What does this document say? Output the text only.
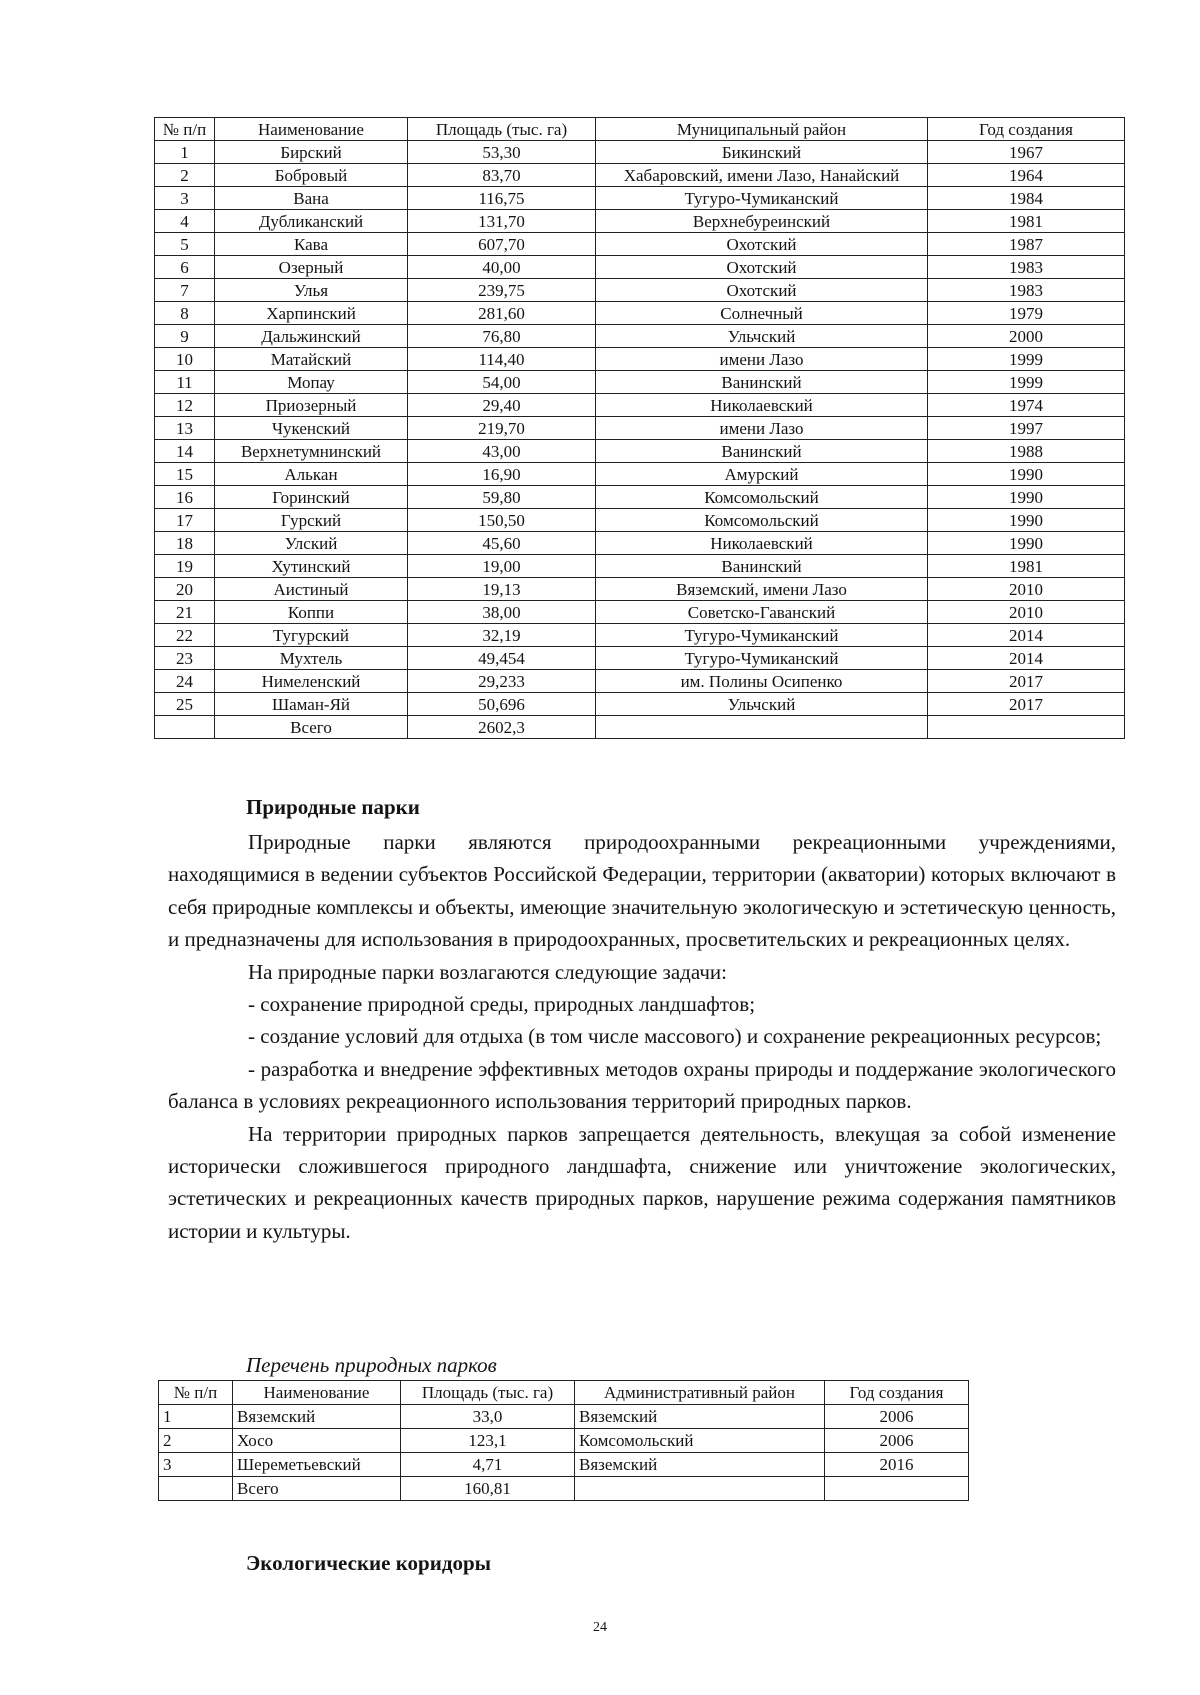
№ п/п	Наименование	Площадь (тыс. га)	Муниципальный район	Год создания
1	Бирский	53,30	Бикинский	1967
2	Бобровый	83,70	Хабаровский, имени Лазо, Нанайский	1964
3	Вана	116,75	Тугуро-Чумиканский	1984
4	Дубликанский	131,70	Верхнебуреинский	1981
5	Кава	607,70	Охотский	1987
6	Озерный	40,00	Охотский	1983
7	Улья	239,75	Охотский	1983
8	Харпинский	281,60	Солнечный	1979
9	Дальжинский	76,80	Ульчский	2000
10	Матайский	114,40	имени Лазо	1999
11	Мопау	54,00	Ванинский	1999
12	Приозерный	29,40	Николаевский	1974
13	Чукенский	219,70	имени Лазо	1997
14	Верхнетумнинский	43,00	Ванинский	1988
15	Алькан	16,90	Амурский	1990
16	Горинский	59,80	Комсомольский	1990
17	Гурский	150,50	Комсомольский	1990
18	Улский	45,60	Николаевский	1990
19	Хутинский	19,00	Ванинский	1981
20	Аистиный	19,13	Вяземский, имени Лазо	2010
21	Коппи	38,00	Советско-Гаванский	2010
22	Тугурский	32,19	Тугуро-Чумиканский	2014
23	Мухтель	49,454	Тугуро-Чумиканский	2014
24	Нимеленский	29,233	им. Полины Осипенко	2017
25	Шаман-Яй	50,696	Ульчский	2017
	Всего	2602,3		
Природные парки

Природные парки являются природоохранными рекреационными учреждениями, находящимися в ведении субъектов Российской Федерации, территории (акватории) которых включают в себя природные комплексы и объекты, имеющие значительную экологическую и эстетическую ценность, и предназначены для использования в природоохранных, просветительских и рекреационных целях.

На природные парки возлагаются следующие задачи:

- сохранение природной среды, природных ландшафтов;

- создание условий для отдыха (в том числе массового) и сохранение рекреационных ресурсов;

- разработка и внедрение эффективных методов охраны природы и поддержание экологического баланса в условиях рекреационного использования территорий природных парков.

На территории природных парков запрещается деятельность, влекущая за собой изменение исторически сложившегося природного ландшафта, снижение или уничтожение экологических, эстетических и рекреационных качеств природных парков, нарушение режима содержания памятников истории и культуры.

Перечень природных парков
№ п/п	Наименование	Площадь (тыс. га)	Административный район	Год создания
1	Вяземский	33,0	Вяземский	2006
2	Хосо	123,1	Комсомольский	2006
3	Шереметьевский	4,71	Вяземский	2016
	Всего	160,81		
Экологические коридоры
24
